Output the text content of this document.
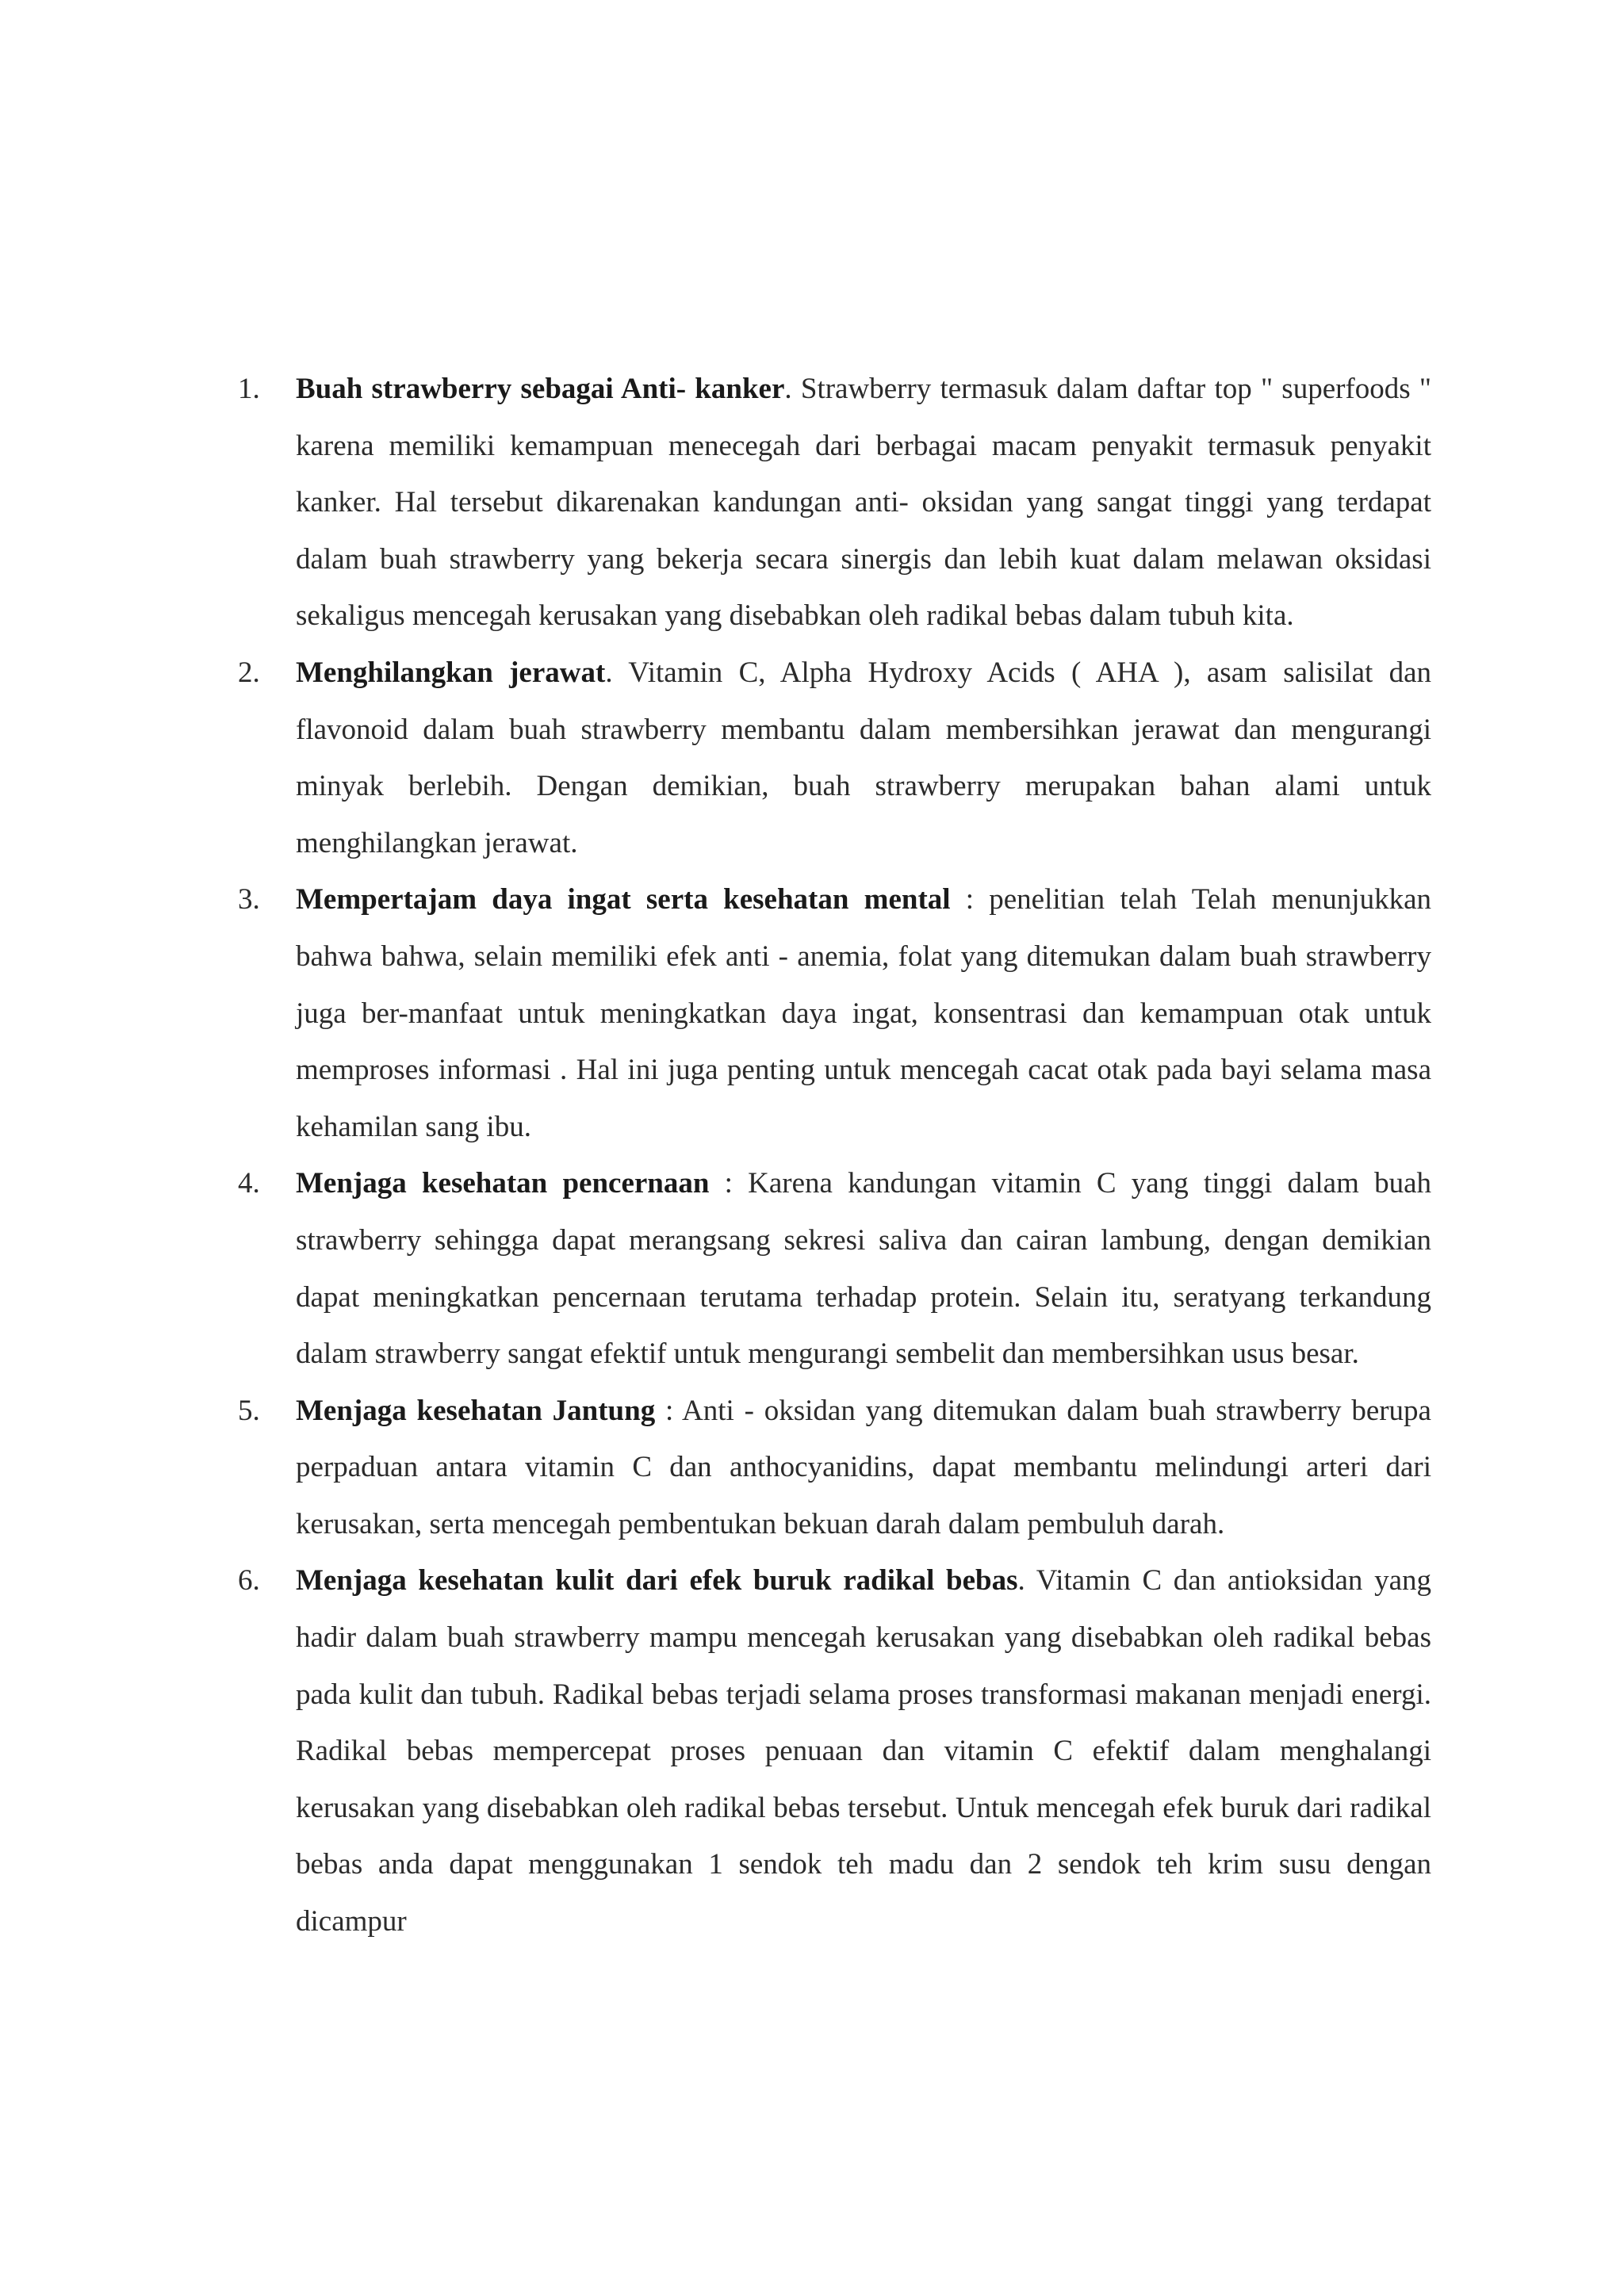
1. Buah strawberry sebagai Anti- kanker. Strawberry termasuk dalam daftar top " superfoods " karena memiliki kemampuan menecegah dari berbagai macam penyakit termasuk penyakit kanker. Hal tersebut dikarenakan kandungan anti- oksidan yang sangat tinggi yang terdapat dalam buah strawberry yang bekerja secara sinergis dan lebih kuat dalam melawan oksidasi sekaligus mencegah kerusakan yang disebabkan oleh radikal bebas dalam tubuh kita.
2. Menghilangkan jerawat. Vitamin C, Alpha Hydroxy Acids ( AHA ), asam salisilat dan flavonoid dalam buah strawberry membantu dalam membersihkan jerawat dan mengurangi minyak berlebih. Dengan demikian, buah strawberry merupakan bahan alami untuk menghilangkan jerawat.
3. Mempertajam daya ingat serta kesehatan mental : penelitian telah Telah menunjukkan bahwa bahwa, selain memiliki efek anti - anemia, folat yang ditemukan dalam buah strawberry juga ber-manfaat untuk meningkatkan daya ingat, konsentrasi dan kemampuan otak untuk memproses informasi . Hal ini juga penting untuk mencegah cacat otak pada bayi selama masa kehamilan sang ibu.
4. Menjaga kesehatan pencernaan : Karena kandungan vitamin C yang tinggi dalam buah strawberry sehingga dapat merangsang sekresi saliva dan cairan lambung, dengan demikian dapat meningkatkan pencernaan terutama terhadap protein. Selain itu, seratyang terkandung dalam strawberry sangat efektif untuk mengurangi sembelit dan membersihkan usus besar.
5. Menjaga kesehatan Jantung : Anti - oksidan yang ditemukan dalam buah strawberry berupa perpaduan antara vitamin C dan anthocyanidins, dapat membantu melindungi arteri dari kerusakan, serta mencegah pembentukan bekuan darah dalam pembuluh darah.
6. Menjaga kesehatan kulit dari efek buruk radikal bebas. Vitamin C dan antioksidan yang hadir dalam buah strawberry mampu mencegah kerusakan yang disebabkan oleh radikal bebas pada kulit dan tubuh. Radikal bebas terjadi selama proses transformasi makanan menjadi energi. Radikal bebas mempercepat proses penuaan dan vitamin C efektif dalam menghalangi kerusakan yang disebabkan oleh radikal bebas tersebut. Untuk mencegah efek buruk dari radikal bebas anda dapat menggunakan 1 sendok teh madu dan 2 sendok teh krim susu dengan dicampur
